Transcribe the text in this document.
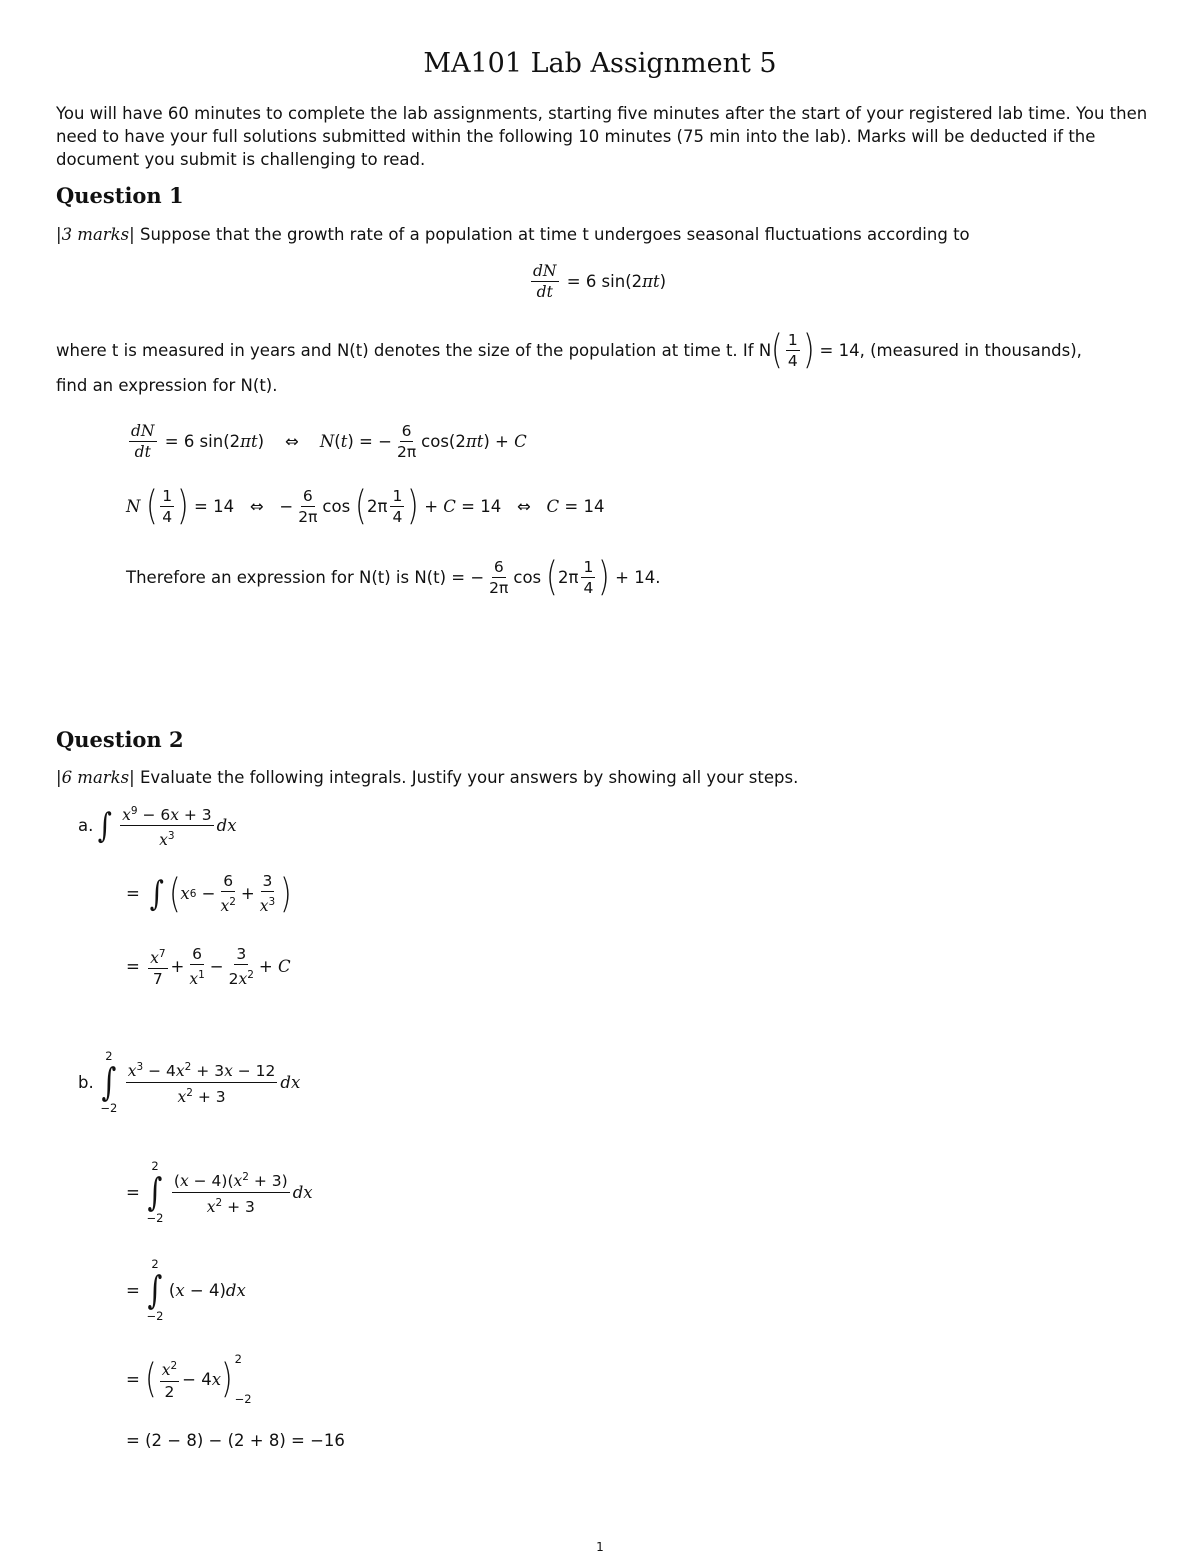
MA101 Lab Assignment 5
You will have 60 minutes to complete the lab assignments, starting five minutes after the start of your registered lab time. You then need to have your full solutions submitted within the following 10 minutes (75 min into the lab). Marks will be deducted if the document you submit is challenging to read.
Question 1
|3 marks| Suppose that the growth rate of a population at time t undergoes seasonal fluctuations according to
$\frac{dN}{dt} = 6$ sin(2πt)
where t is measured in years and N(t) denotes the size of the population at time t. If N ( $\frac{1}{4}$ )
= 14, (measured in thousands),
find an expression for N(t).
$\frac{dN}{dt} = 6$ sin(2πt)    ⇔    N(t) = − $\frac{6}{2\pi} \cos(2\pi t) + C$
N
( $\frac{1}{4}$ ) = 14   ⇔   − $\frac{6}{2\pi}$ cos ( $2\pi \frac{1}{4}$ ) + C = 14   ⇔   C = 14
Therefore an expression for N(t) is N(t) = − $\frac{6}{2\pi}$ cos ( $2\pi \frac{1}{4}$ ) + 14.
Question 2
|6 marks| Evaluate the following integrals. Justify your answers by showing all your steps.
a. ∫ $\frac{x^9 - 6x + 3}{x^3}$ dx
= ∫ ( x $6 - \frac{6}{x^2} + \frac{3}{x^3}$ )
= $\frac{x^7}{7} + \frac{6}{x^1} - \frac{3}{2x^2} + C$
b.

2
∫
−2
$\frac{x^3 - 4x^2 + 3x - 12}{x^2 + 3}$ dx
=
2
∫
−2
$\frac{(x - 4)(x^2 + 3)}{x^2 + 3}$ dx
=
2
∫
−2
(x − 4)dx
= ( $\frac{x^2}{2} - 4x$ ) 2
−2
= (2 − 8) − (2 + 8) = −16
1
